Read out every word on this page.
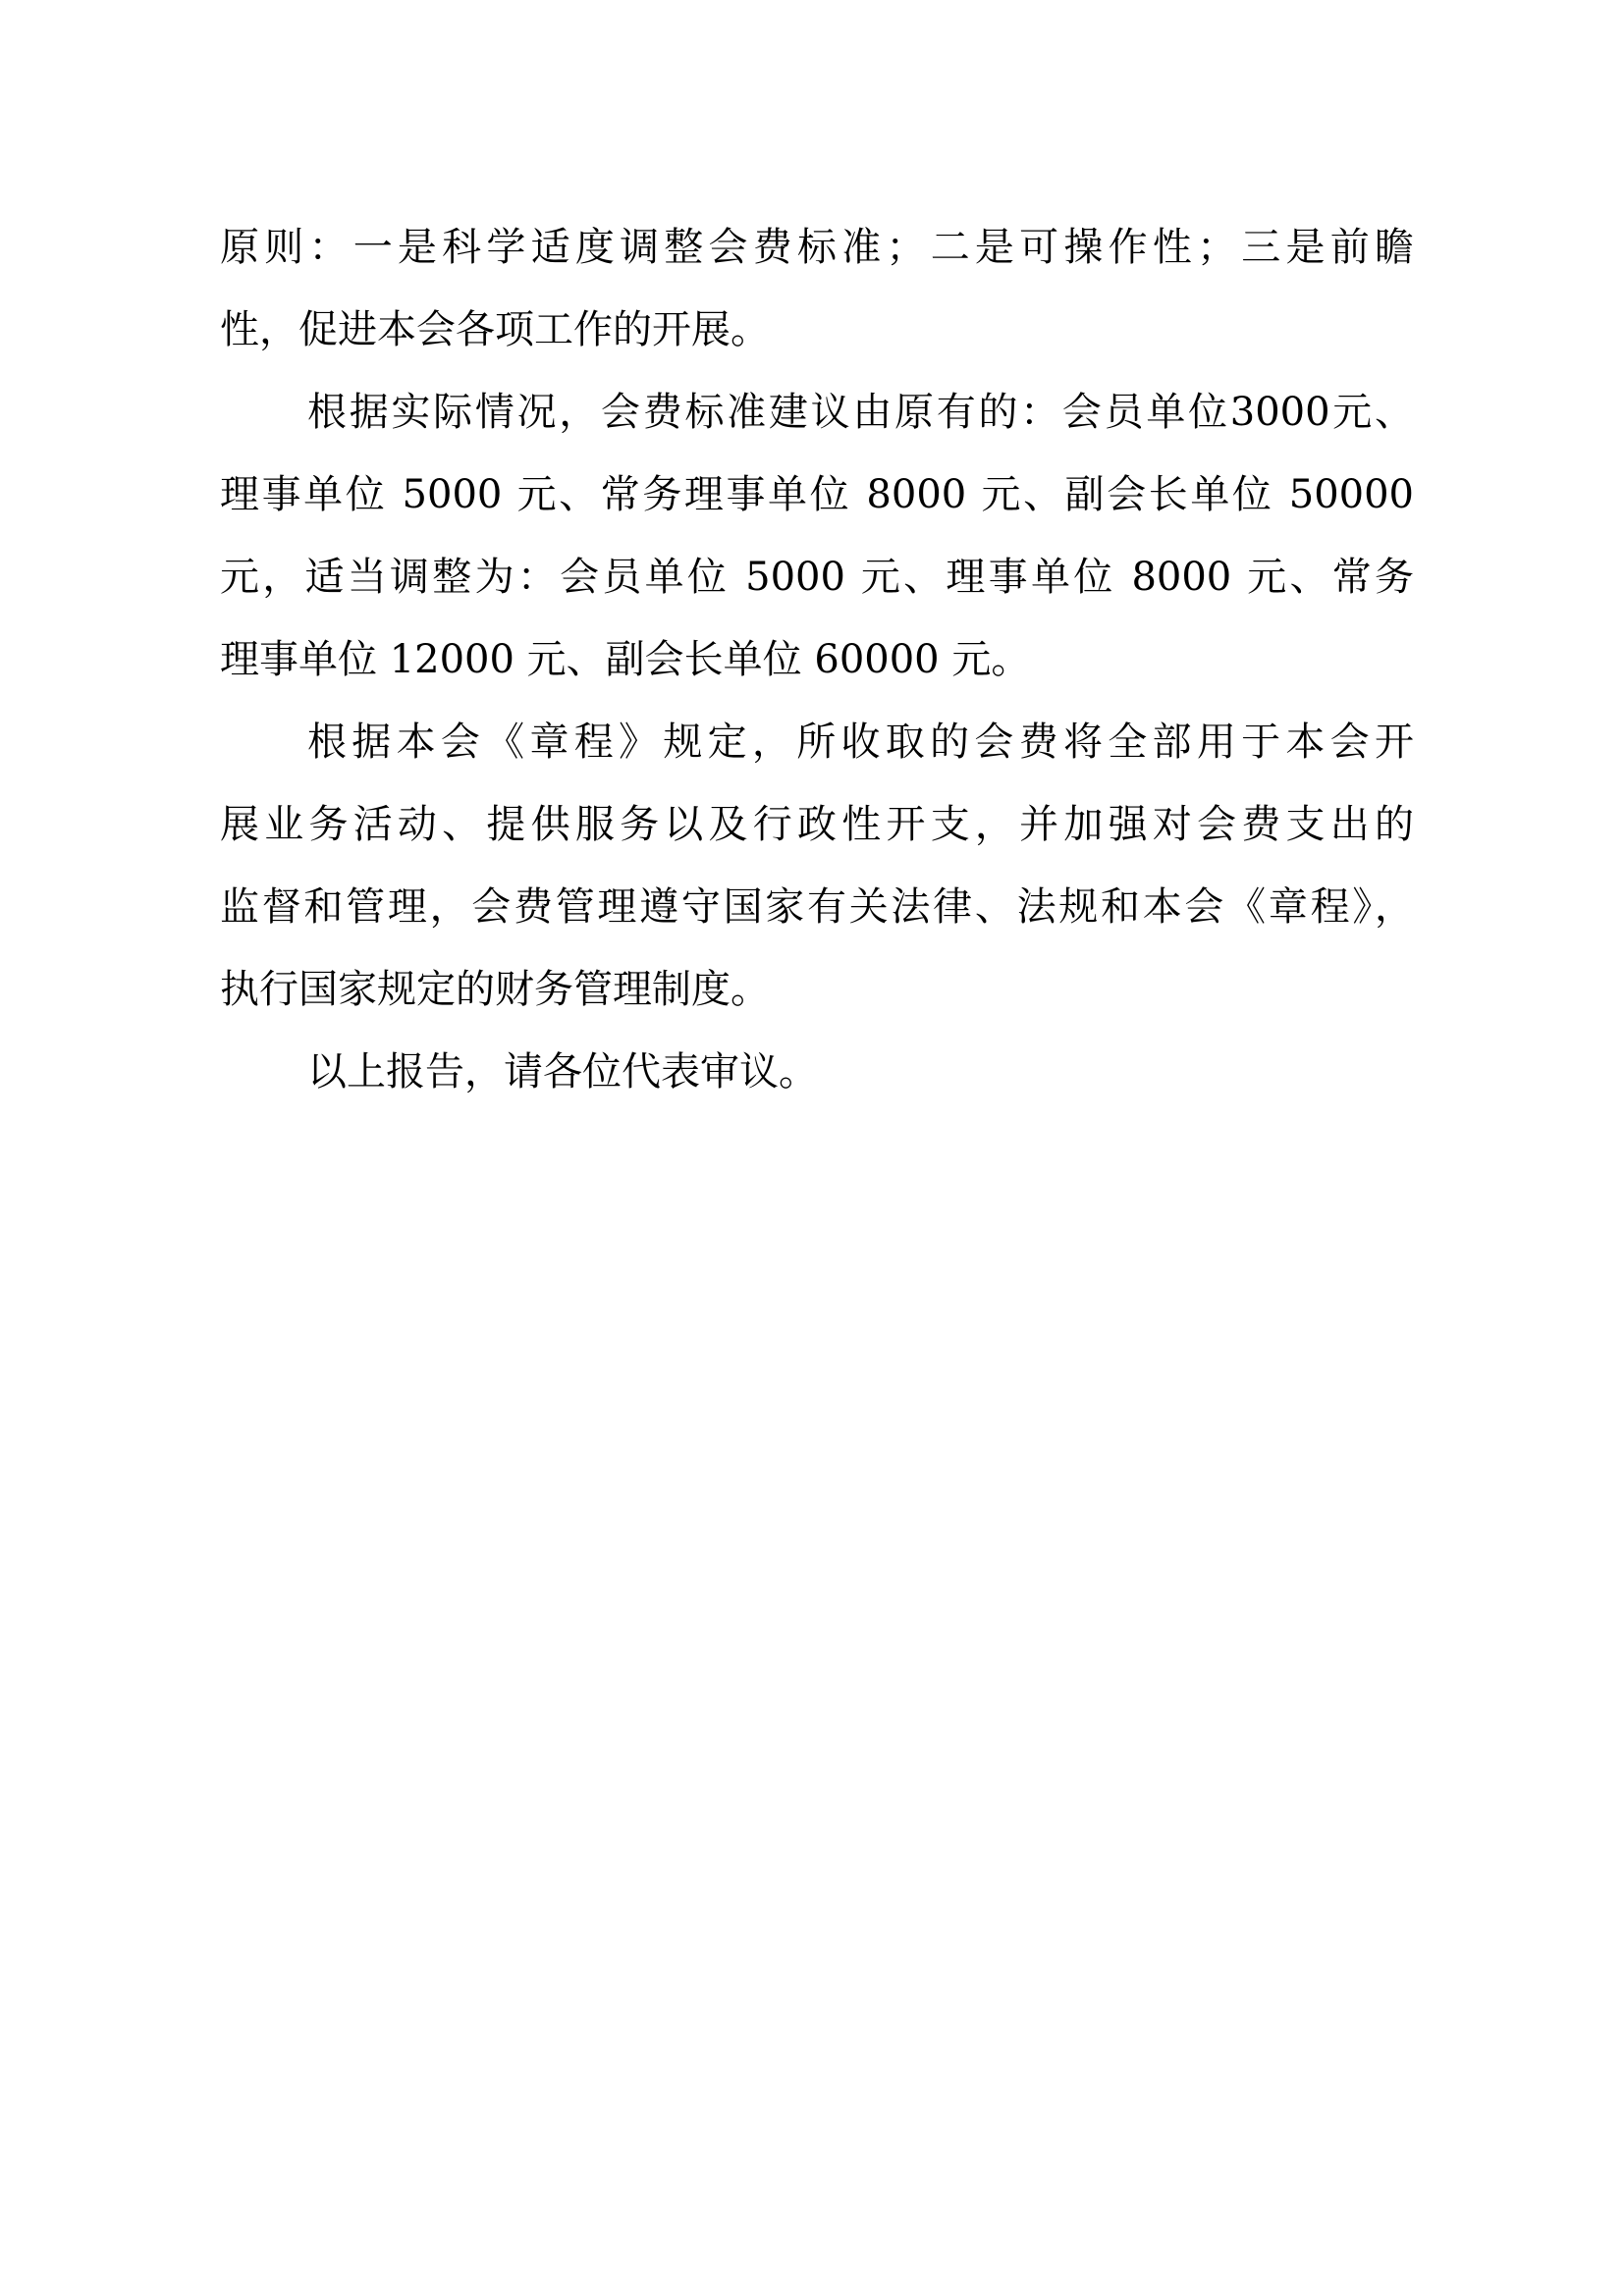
原则：一是科学适度调整会费标准；二是可操作性；三是前瞻
性，促进本会各项工作的开展。
根据实际情况，会费标准建议由原有的：会员单位3000元、
理事单位 5000 元、常务理事单位 8000 元、副会长单位 50000
元，适当调整为：会员单位 5000 元、理事单位 8000 元、常务
理事单位 12000 元、副会长单位 60000 元。
根据本会《章程》规定，所收取的会费将全部用于本会开
展业务活动、提供服务以及行政性开支，并加强对会费支出的
监督和管理，会费管理遵守国家有关法律、法规和本会《章程》，
执行国家规定的财务管理制度。
以上报告，请各位代表审议。
